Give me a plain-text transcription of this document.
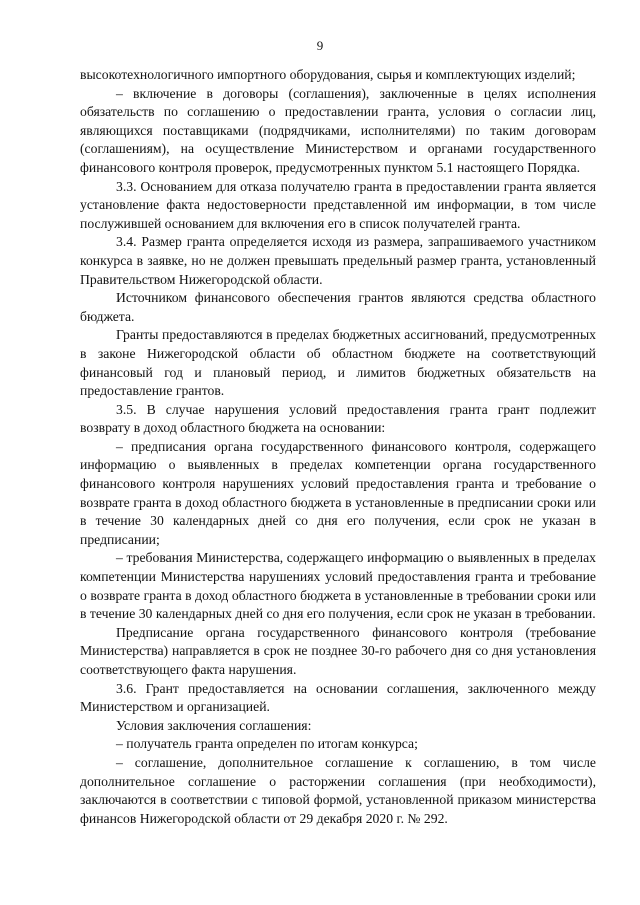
9

высокотехнологичного импортного оборудования, сырья и комплектующих изделий;

– включение в договоры (соглашения), заключенные в целях исполнения обязательств по соглашению о предоставлении гранта, условия о согласии лиц, являющихся поставщиками (подрядчиками, исполнителями) по таким договорам (соглашениям), на осуществление Министерством и органами государственного финансового контроля проверок, предусмотренных пунктом 5.1 настоящего Порядка.

3.3. Основанием для отказа получателю гранта в предоставлении гранта является установление факта недостоверности представленной им информации, в том числе послужившей основанием для включения его в список получателей гранта.

3.4. Размер гранта определяется исходя из размера, запрашиваемого участником конкурса в заявке, но не должен превышать предельный размер гранта, установленный Правительством Нижегородской области.

Источником финансового обеспечения грантов являются средства областного бюджета.

Гранты предоставляются в пределах бюджетных ассигнований, предусмотренных в законе Нижегородской области об областном бюджете на соответствующий финансовый год и плановый период, и лимитов бюджетных обязательств на предоставление грантов.

3.5. В случае нарушения условий предоставления гранта грант подлежит возврату в доход областного бюджета на основании:

– предписания органа государственного финансового контроля, содержащего информацию о выявленных в пределах компетенции органа государственного финансового контроля нарушениях условий предоставления гранта и требование о возврате гранта в доход областного бюджета в установленные в предписании сроки или в течение 30 календарных дней со дня его получения, если срок не указан в предписании;

– требования Министерства, содержащего информацию о выявленных в пределах компетенции Министерства нарушениях условий предоставления гранта и требование о возврате гранта в доход областного бюджета в установленные в требовании сроки или в течение 30 календарных дней со дня его получения, если срок не указан в требовании.

Предписание органа государственного финансового контроля (требование Министерства) направляется в срок не позднее 30-го рабочего дня со дня установления соответствующего факта нарушения.

3.6. Грант предоставляется на основании соглашения, заключенного между Министерством и организацией.

Условия заключения соглашения:

– получатель гранта определен по итогам конкурса;

– соглашение, дополнительное соглашение к соглашению, в том числе дополнительное соглашение о расторжении соглашения (при необходимости), заключаются в соответствии с типовой формой, установленной приказом министерства финансов Нижегородской области от 29 декабря 2020 г. № 292.
